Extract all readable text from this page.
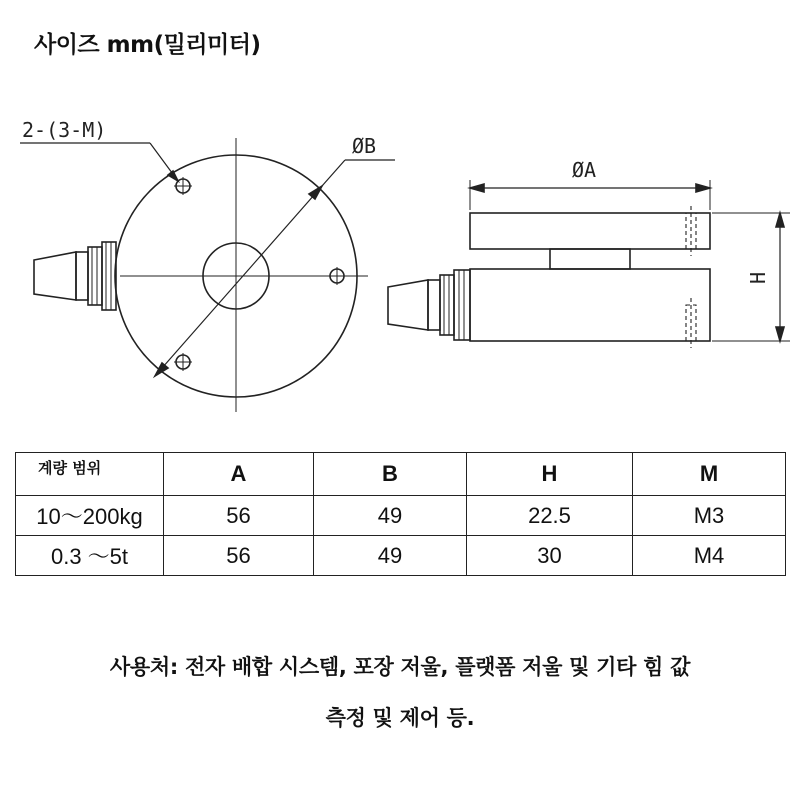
사이즈 mm(밀리미터)
2-(3-M)
ØB
ØA
H
계량 범위	A	B	H	M
10～200kg	56	49	22.5	M3
0.3 ～5t	56	49	30	M4
사용처: 전자 배합 시스템, 포장 저울, 플랫폼 저울 및 기타 힘 값
측정 및 제어 등.
